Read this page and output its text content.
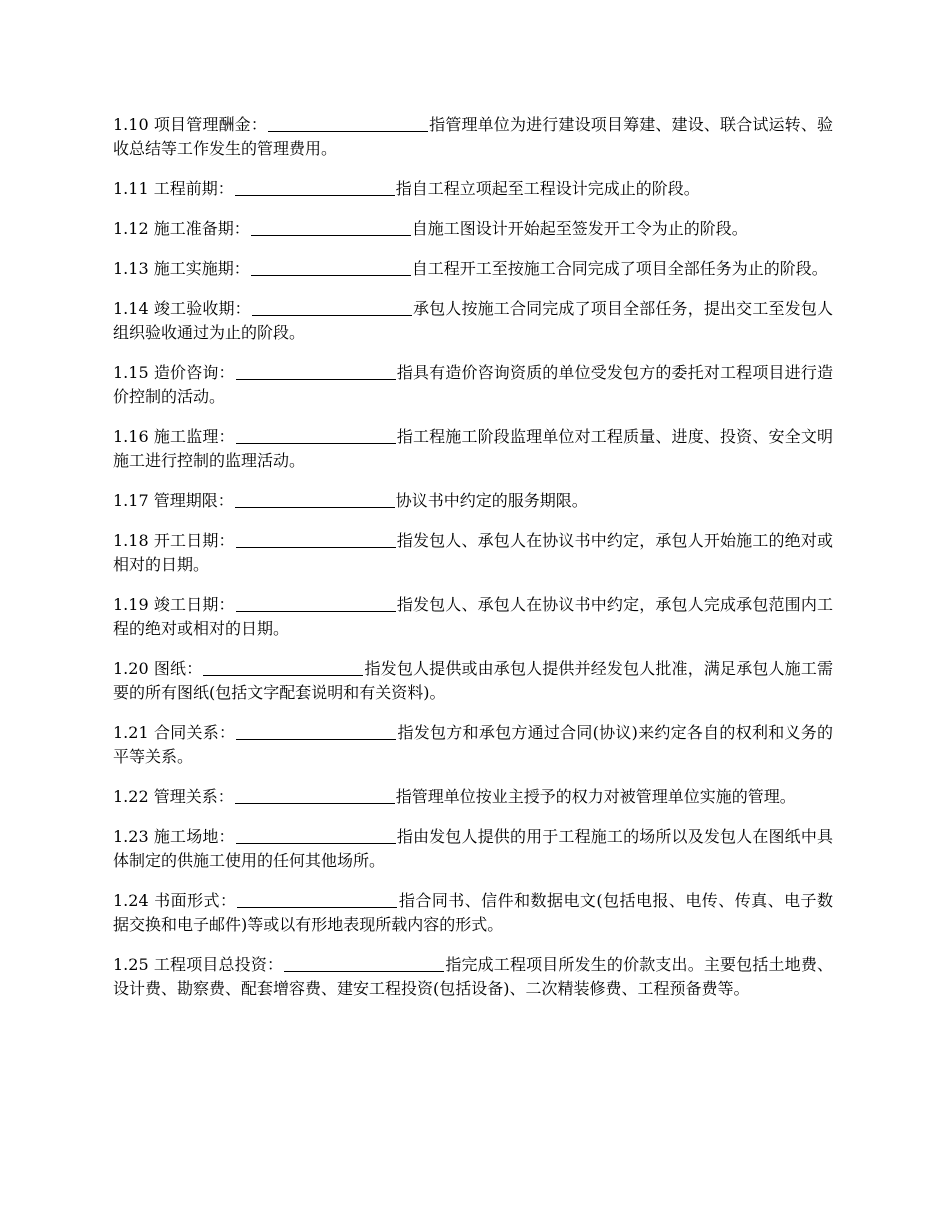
1.10 项目管理酬金：	指管理单位为进行建设项目筹建、建设、联合试运转、验收总结等工作发生的管理费用。

1.11 工程前期：	指自工程立项起至工程设计完成止的阶段。

1.12 施工准备期：	自施工图设计开始起至签发开工令为止的阶段。

1.13 施工实施期：	自工程开工至按施工合同完成了项目全部任务为止的阶段。

1.14 竣工验收期：	承包人按施工合同完成了项目全部任务，提出交工至发包人组织验收通过为止的阶段。

1.15 造价咨询：	指具有造价咨询资质的单位受发包方的委托对工程项目进行造价控制的活动。

1.16 施工监理：	指工程施工阶段监理单位对工程质量、进度、投资、安全文明施工进行控制的监理活动。

1.17 管理期限：	协议书中约定的服务期限。

1.18 开工日期：	指发包人、承包人在协议书中约定，承包人开始施工的绝对或相对的日期。

1.19 竣工日期：	指发包人、承包人在协议书中约定，承包人完成承包范围内工程的绝对或相对的日期。

1.20 图纸：	指发包人提供或由承包人提供并经发包人批准，满足承包人施工需要的所有图纸(包括文字配套说明和有关资料)。

1.21 合同关系：	指发包方和承包方通过合同(协议)来约定各自的权利和义务的平等关系。

1.22 管理关系：	指管理单位按业主授予的权力对被管理单位实施的管理。

1.23 施工场地：	指由发包人提供的用于工程施工的场所以及发包人在图纸中具体制定的供施工使用的任何其他场所。

1.24 书面形式：	指合同书、信件和数据电文(包括电报、电传、传真、电子数据交换和电子邮件)等或以有形地表现所载内容的形式。

1.25 工程项目总投资：	指完成工程项目所发生的价款支出。主要包括土地费、设计费、勘察费、配套增容费、建安工程投资(包括设备)、二次精装修费、工程预备费等。
